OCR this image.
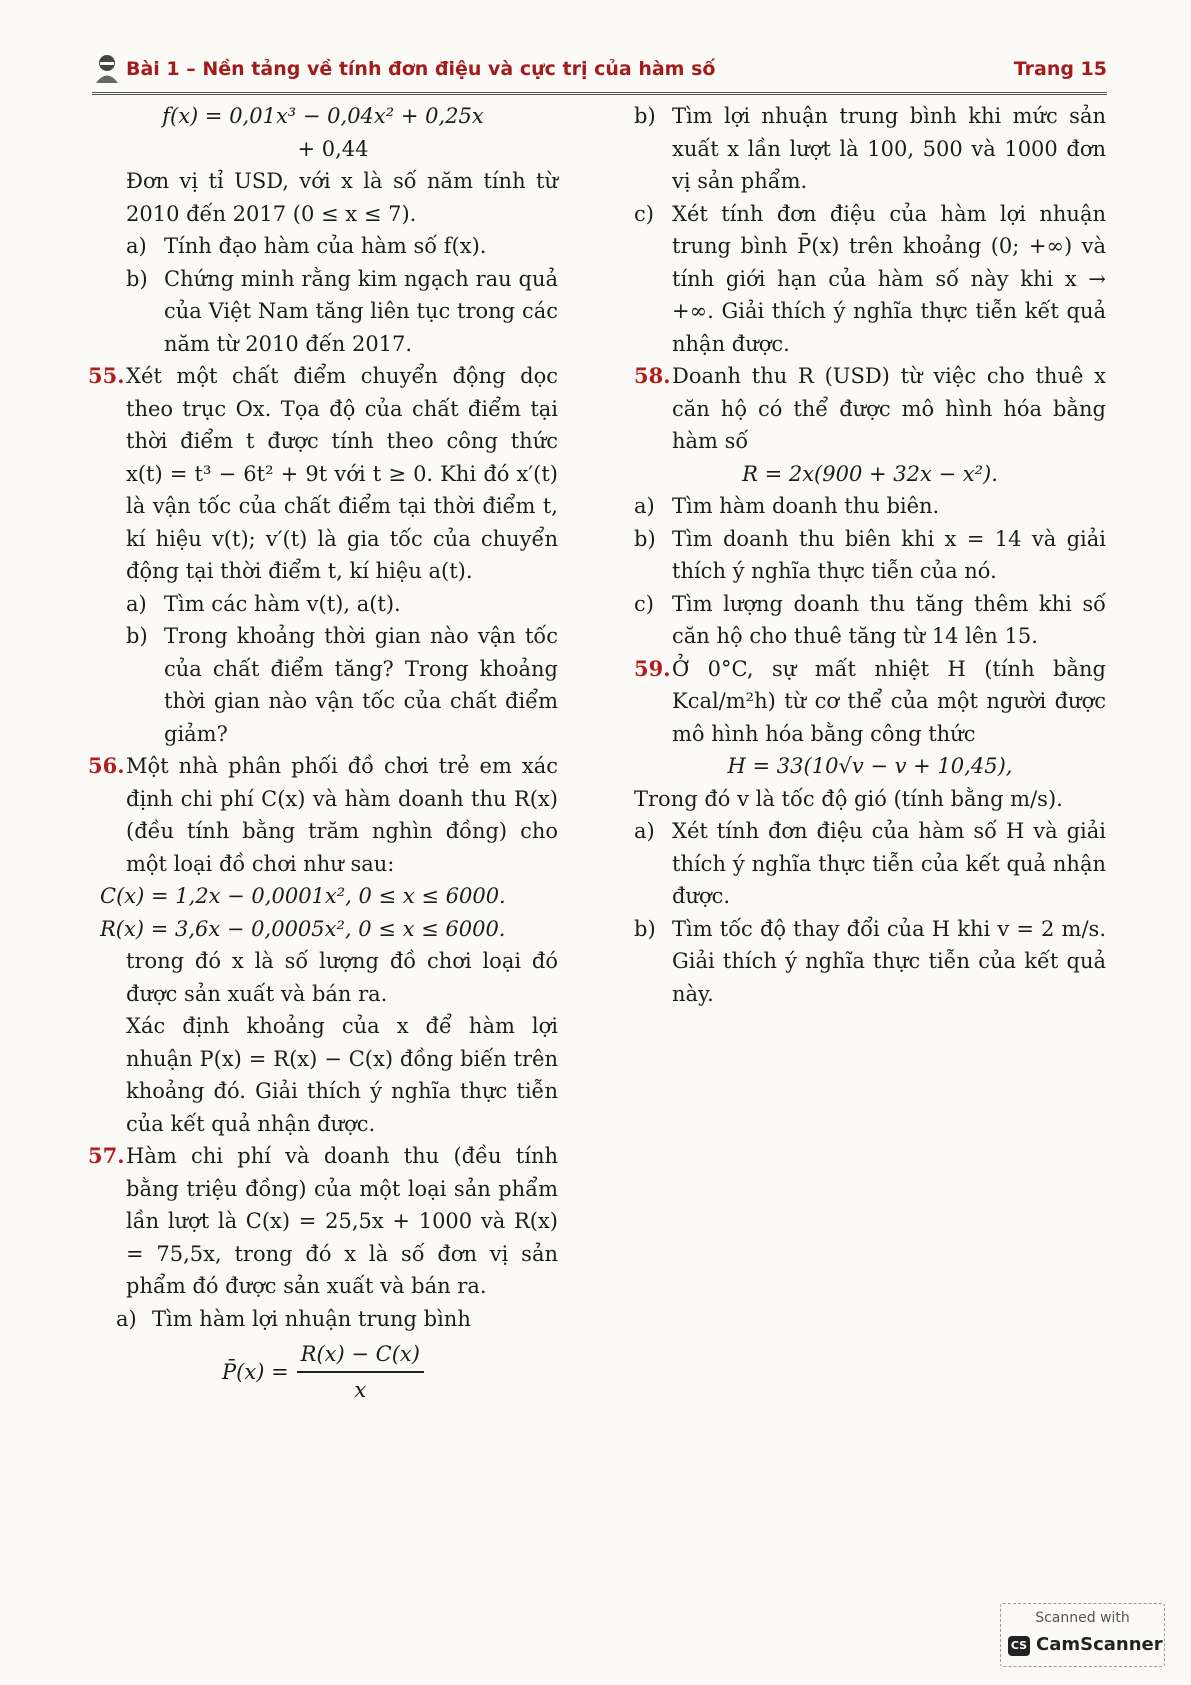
Bài 1 – Nền tảng về tính đơn điệu và cực trị của hàm số	Trang 15

f(x) = 0,01x³ − 0,04x² + 0,25x

+ 0,44

Đơn vị tỉ USD, với x là số năm tính từ 2010 đến 2017 (0 ≤ x ≤ 7).

a) Tính đạo hàm của hàm số f(x).
b) Chứng minh rằng kim ngạch rau quả của Việt Nam tăng liên tục trong các năm từ 2010 đến 2017.
55. Xét một chất điểm chuyển động dọc theo trục Ox. Tọa độ của chất điểm tại thời điểm t được tính theo công thức x(t) = t³ − 6t² + 9t với t ≥ 0. Khi đó x′(t) là vận tốc của chất điểm tại thời điểm t, kí hiệu v(t); v′(t) là gia tốc của chuyển động tại thời điểm t, kí hiệu a(t).
a) Tìm các hàm v(t), a(t).
b) Trong khoảng thời gian nào vận tốc của chất điểm tăng? Trong khoảng thời gian nào vận tốc của chất điểm giảm?
56. Một nhà phân phối đồ chơi trẻ em xác định chi phí C(x) và hàm doanh thu R(x) (đều tính bằng trăm nghìn đồng) cho một loại đồ chơi như sau:

C(x) = 1,2x − 0,0001x², 0 ≤ x ≤ 6000.

R(x) = 3,6x − 0,0005x², 0 ≤ x ≤ 6000.

trong đó x là số lượng đồ chơi loại đó được sản xuất và bán ra.

Xác định khoảng của x để hàm lợi nhuận P(x) = R(x) − C(x) đồng biến trên khoảng đó. Giải thích ý nghĩa thực tiễn của kết quả nhận được.

57. Hàm chi phí và doanh thu (đều tính bằng triệu đồng) của một loại sản phẩm lần lượt là C(x) = 25,5x + 1000 và R(x) = 75,5x, trong đó x là số đơn vị sản phẩm đó được sản xuất và bán ra.
a) Tìm hàm lợi nhuận trung bình
P̄(x) = $\frac{R(x) - C(x)}{x}$
b) Tìm lợi nhuận trung bình khi mức sản xuất x lần lượt là 100, 500 và 1000 đơn vị sản phẩm.
c) Xét tính đơn điệu của hàm lợi nhuận trung bình P̄(x) trên khoảng (0; +∞) và tính giới hạn của hàm số này khi x → +∞. Giải thích ý nghĩa thực tiễn kết quả nhận được.
58. Doanh thu R (USD) từ việc cho thuê x căn hộ có thể được mô hình hóa bằng hàm số

R = 2x(900 + 32x − x²).

a) Tìm hàm doanh thu biên.
b) Tìm doanh thu biên khi x = 14 và giải thích ý nghĩa thực tiễn của nó.
c) Tìm lượng doanh thu tăng thêm khi số căn hộ cho thuê tăng từ 14 lên 15.
59. Ở 0°C, sự mất nhiệt H (tính bằng Kcal/m²h) từ cơ thể của một người được mô hình hóa bằng công thức

H = 33(10√v − v + 10,45),

Trong đó v là tốc độ gió (tính bằng m/s).

a) Xét tính đơn điệu của hàm số H và giải thích ý nghĩa thực tiễn của kết quả nhận được.
b) Tìm tốc độ thay đổi của H khi v = 2 m/s. Giải thích ý nghĩa thực tiễn của kết quả này.
Scanned with
CS CamScanner
